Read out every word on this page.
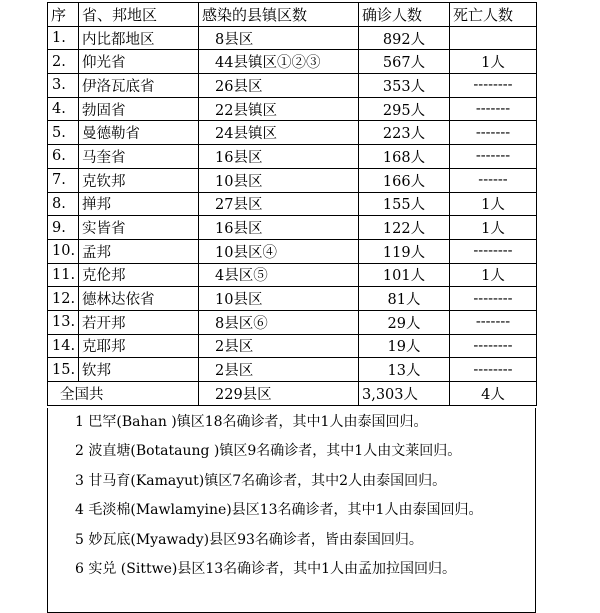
序	省、邦地区	感染的县镇区数	确诊人数	死亡人数
1.	内比都地区	8县区	892人	
2.	仰光省	44县镇区①②③	567人	1人
3.	伊洛瓦底省	26县区	353人	--------
4.	勃固省	22县镇区	295人	-------
5.	曼德勒省	24县镇区	223人	-------
6.	马奎省	16县区	168人	-------
7.	克钦邦	10县区	166人	------
8.	掸邦	27县区	155人	1人
9.	实皆省	16县区	122人	1人
10.	孟邦	10县区④	119人	--------
11.	克伦邦	4县区⑤	101人	1人
12.	德林达依省	10县区	81人	--------
13.	若开邦	8县区⑥	29人	-------
14.	克耶邦	2县区	19人	--------
15.	钦邦	2县区	13人	--------
全国共		229县区	3,303人	4人
1 巴罕(Bahan )镇区18名确诊者，其中1人由泰国回归。
2 波直塘(Botataung )镇区9名确诊者，其中1人由文莱回归。
3 甘马育(Kamayut)镇区7名确诊者，其中2人由泰国回归。
4 毛淡棉(Mawlamyine)县区13名确诊者，其中1人由泰国回归。
5 妙瓦底(Myawady)县区93名确诊者，皆由泰国回归。
6 实兑 (Sittwe)县区13名确诊者，其中1人由孟加拉国回归。
